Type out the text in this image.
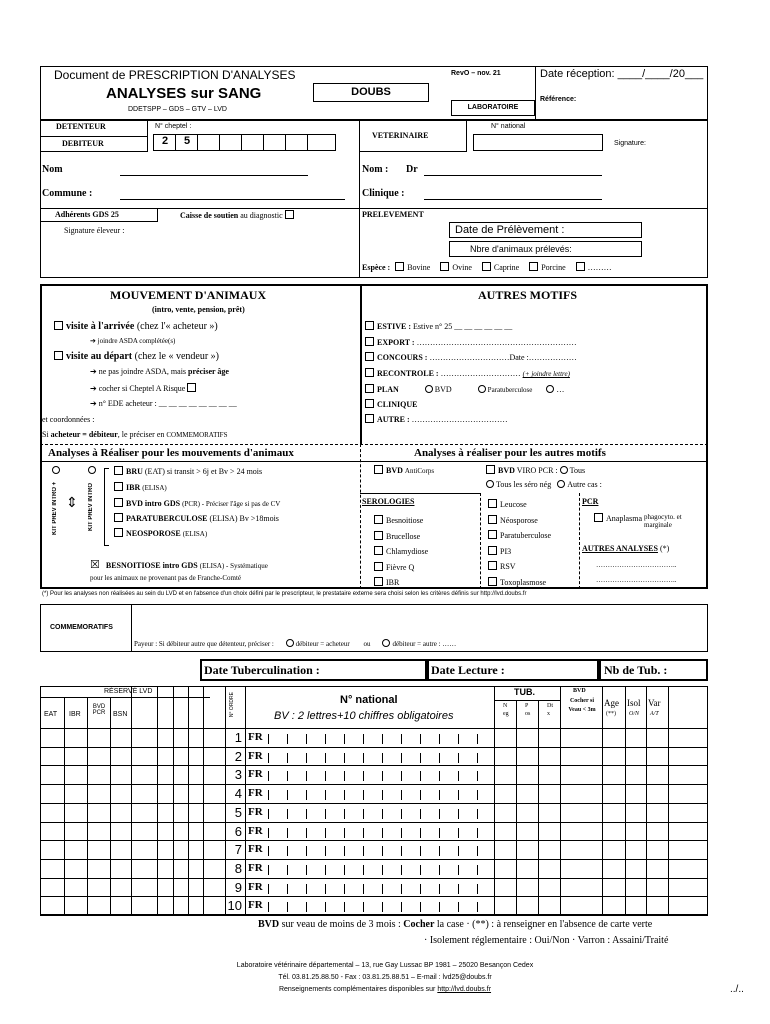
Document de PRESCRIPTION D'ANALYSES
ANALYSES sur SANG
DDETSPP – GDS – GTV – LVD
RevO – nov. 21
DOUBS
LABORATOIRE
Date réception: ____/____/20___
Référence:
DETENTEUR
DEBITEUR
N° cheptel :
2 5
Nom
Commune :
VETERINAIRE
N° national
Signature:
Nom : Dr
Clinique :
Adhérents GDS 25	Caisse de soutien au diagnostic
Signature éleveur :
PRELEVEMENT
Date de Prélèvement :
Nbre d'animaux prélevés:
Espèce : Bovine	Ovine	Caprine	Porcine	………
MOUVEMENT D'ANIMAUX
(intro, vente, pension, prêt)
visite à l'arrivée (chez l'« acheteur »)
➔ joindre ASDA complétée(s)
visite au départ (chez le « vendeur »)
➔ ne pas joindre ASDA, mais préciser âge
➔ cocher si Cheptel A Risque
➔ n° EDE acheteur : __ __ __ __ __ __ __ __
et coordonnées :
Si acheteur = débiteur, le préciser en COMMEMORATIFS
AUTRES MOTIFS
ESTIVE : Estive n° 25 __ __ __ __ __ __
EXPORT : ……………………………………………………
CONCOURS : …………………………Date :………………
RECONTROLE : ………………………… (+ joindre lettre)
PLAN	BVD	Paratuberculose	…
CLINIQUE
AUTRE : ………………………………
Analyses à Réaliser pour les mouvements d'animaux
KIT PREV INTRO + ⇕ KIT PREV INTRO
BRU (EAT) si transit > 6j et Bv > 24 mois
IBR (ELISA)
BVD intro GDS (PCR) - Préciser l'âge si pas de CV
PARATUBERCULOSE (ELISA) Bv >18mois
NEOSPOROSE (ELISA)
☒ BESNOITIOSE intro GDS (ELISA) - Systématique
pour les animaux ne provenant pas de Franche-Comté
Analyses à réaliser pour les autres motifs
BVD AntiCorps	BVD VIRO PCR : Tous
Tous les séro nég Autre cas :
SEROLOGIES	PCR
Besnoitiose
Brucellose
Chlamydiose
Fièvre Q
IBR
Leucose
Néosporose
Paratuberculose
PI3
RSV
Toxoplasmose
Anaplasma phagocyto. et marginale
AUTRES ANALYSES (*)
……………………………..
……………………………..
(*) Pour les analyses non réalisées au sein du LVD et en l'absence d'un choix défini par le prescripteur, le prestataire externe sera choisi selon les critères définis sur http://lvd.doubs.fr
COMMEMORATIFS
Payeur : Si débiteur autre que détenteur, préciser :	débiteur = acheteur ou	débiteur = autre : ……
Date Tuberculination :	Date Lecture :	Nb de Tub. :
RÉSERVÉ LVD
EAT IBR
BVD PCR	BSN	N° ORDRE	N° national
BV : 2 lettres+10 chiffres obligatoires
TUB.
Neg
Pos
Dtx
BVD
Cocher si Veau < 3m
Age
(**)
Isol
O/N
Var
A/T
1 FR
2 FR
3 FR
4 FR
5 FR
6 FR
7 FR
8 FR
9 FR
10 FR
BVD sur veau de moins de 3 mois : Cocher la case · (**) : à renseigner en l'absence de carte verte
· Isolement réglementaire : Oui/Non · Varron : Assaini/Traité
Laboratoire vétérinaire départemental – 13, rue Gay Lussac BP 1981 – 25020 Besançon Cedex
Tél. 03.81.25.88.50 - Fax : 03.81.25.88.51 – E-mail : lvd25@doubs.fr
Renseignements complémentaires disponibles sur http://lvd.doubs.fr	../..
